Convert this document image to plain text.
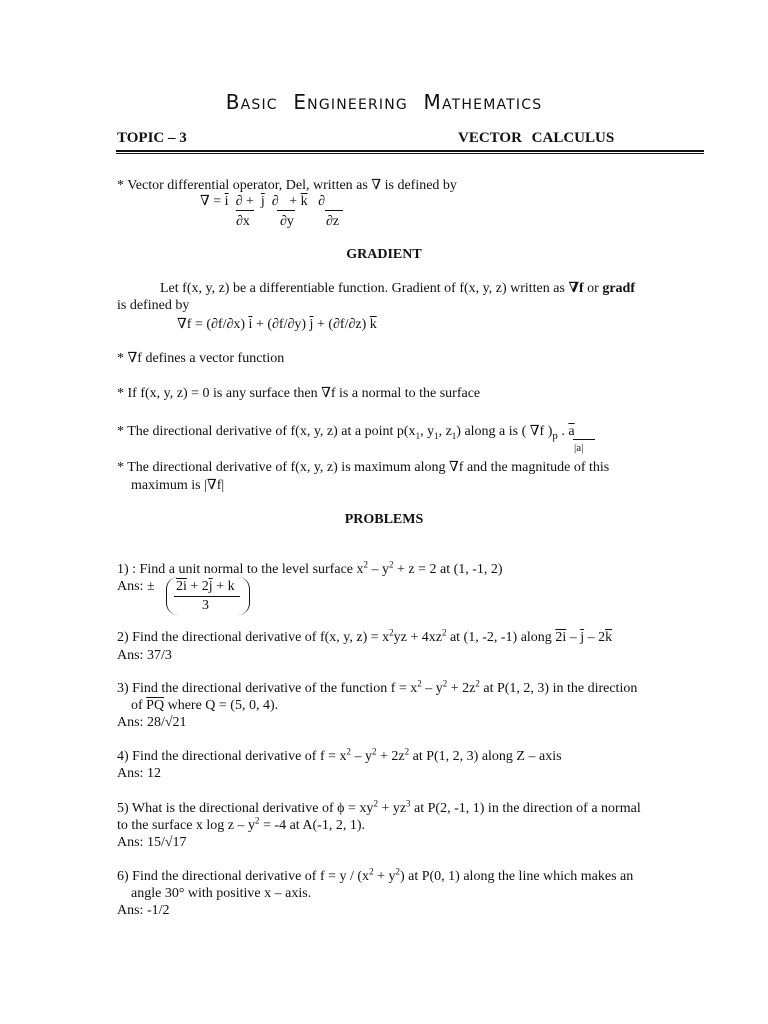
Basic Engineering Mathematics
TOPIC – 3	VECTOR CALCULUS
* Vector differential operator, Del, written as ∇ is defined by
∇ = $\overline{i}$ ∂ + $\overline{j}$ ∂ + $\overline{k}$ ∂
∂x ∂y ∂z
GRADIENT
Let f(x, y, z) be a differentiable function. Gradient of f(x, y, z) written as ∇f or gradf
is defined by
∇f = (∂f/∂x) $\overline{i} + (\partial f/\partial y) \overline{j} + (\partial f/\partial z)$ $\overline{k}$
* ∇f defines a vector function
* If f(x, y, z) = 0 is any surface then ∇f is a normal to the surface
* The directional derivative of f(x, y, z) at a point $p(x_1$, $y_1$, $z_1$) along a is ( ∇f )$_p$ . $\overline{a}$
|a|
* The directional derivative of f(x, y, z) is maximum along ∇f and the magnitude of this
maximum is |∇f|
PROBLEMS
1) : Find a unit normal to the level surface $x^2 - y^2 + z = 2$ at (1, -1, 2)
Ans: ± $2i + 2\overline{j} + k$
3
2) Find the directional derivative of f(x, y, $z) = x^2yz + 4xz^2$ at (1, -2, -1) along $2i - \overline{j} - 2\overline{k}$
Ans: 37/3
3) Find the directional derivative of the function $f = x^2 - y^2 + 2z^2$ at P(1, 2, 3) in the direction
of $\overline{PQ}$ where Q = (5, 0, 4).
Ans: 28/√21
4) Find the directional derivative of $f = x^2 - y^2 + 2z^2$ at P(1, 2, 3) along Z – axis
Ans: 12
5) What is the directional derivative of $\phi = xy^2 + yz^3$ at P(2, -1, 1) in the direction of a normal
to the surface x $\log z - y^2 = -4$ at A(-1, 2, 1).
Ans: 15/√17
6) Find the directional derivative of $f = y / (x^2 + y^2)$ at P(0, 1) along the line which makes an
angle 30° with positive x – axis.
Ans: -1/2
